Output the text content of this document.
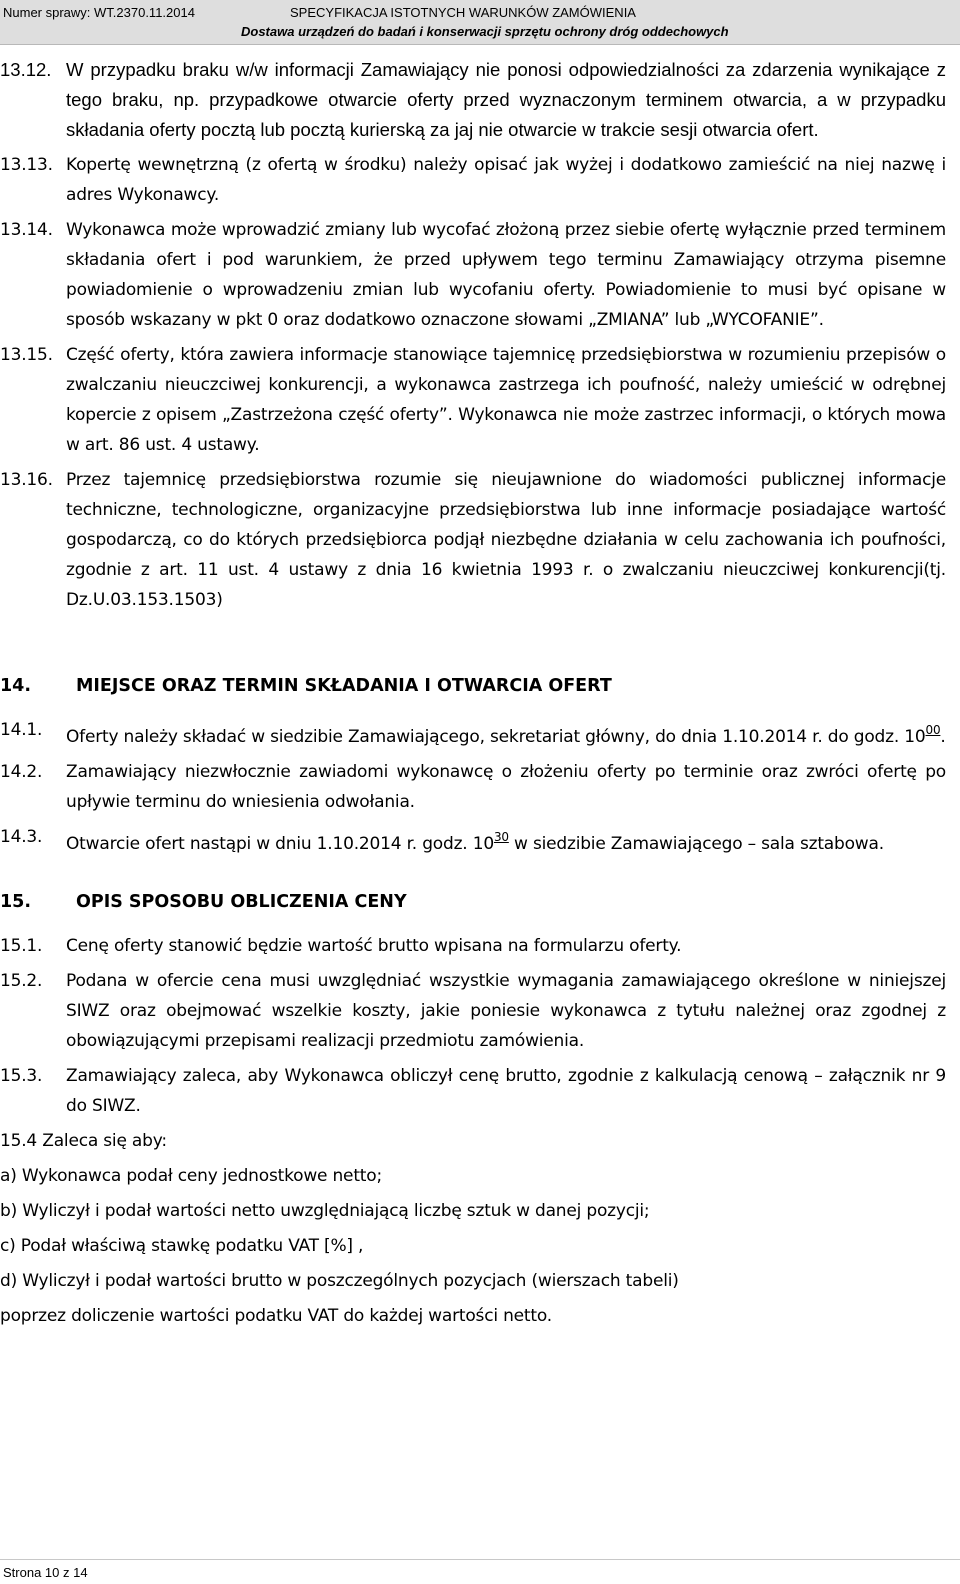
Numer sprawy: WT.2370.11.2014	SPECYFIKACJA ISTOTNYCH WARUNKÓW ZAMÓWIENIA
Dostawa urządzeń do badań i konserwacji sprzętu ochrony dróg oddechowych
13.12. W przypadku braku w/w informacji Zamawiający nie ponosi odpowiedzialności za zdarzenia wynikające z tego braku, np. przypadkowe otwarcie oferty przed wyznaczonym terminem otwarcia, a w przypadku składania oferty pocztą lub pocztą kurierską za jaj nie otwarcie w trakcie sesji otwarcia ofert.
13.13. Kopertę wewnętrzną (z ofertą w środku) należy opisać jak wyżej i dodatkowo zamieścić na niej nazwę i adres Wykonawcy.
13.14. Wykonawca może wprowadzić zmiany lub wycofać złożoną przez siebie ofertę wyłącznie przed terminem składania ofert i pod warunkiem, że przed upływem tego terminu Zamawiający otrzyma pisemne powiadomienie o wprowadzeniu zmian lub wycofaniu oferty. Powiadomienie to musi być opisane w sposób wskazany w pkt 0 oraz dodatkowo oznaczone słowami „ZMIANA” lub „WYCOFANIE”.
13.15. Część oferty, która zawiera informacje stanowiące tajemnicę przedsiębiorstwa w rozumieniu przepisów o zwalczaniu nieuczciwej konkurencji, a wykonawca zastrzega ich poufność, należy umieścić w odrębnej kopercie z opisem „Zastrzeżona część oferty”. Wykonawca nie może zastrzec informacji, o których mowa w art. 86 ust. 4 ustawy.
13.16. Przez tajemnicę przedsiębiorstwa rozumie się nieujawnione do wiadomości publicznej informacje techniczne, technologiczne, organizacyjne przedsiębiorstwa lub inne informacje posiadające wartość gospodarczą, co do których przedsiębiorca podjął niezbędne działania w celu zachowania ich poufności, zgodnie z art. 11 ust. 4 ustawy z dnia 16 kwietnia 1993 r. o zwalczaniu nieuczciwej konkurencji(tj. Dz.U.03.153.1503)
14.	MIEJSCE ORAZ TERMIN SKŁADANIA I OTWARCIA OFERT
14.1.	Oferty należy składać w siedzibie Zamawiającego, sekretariat główny, do dnia 1.10.2014 r. do godz. $10^{00}$.
14.2.	Zamawiający niezwłocznie zawiadomi wykonawcę o złożeniu oferty po terminie oraz zwróci ofertę po upływie terminu do wniesienia odwołania.
14.3.	Otwarcie ofert nastąpi w dniu 1.10.2014 r. godz. $10^{30}$ w siedzibie Zamawiającego – sala sztabowa.
15.	OPIS SPOSOBU OBLICZENIA CENY
15.1.	Cenę oferty stanowić będzie wartość brutto wpisana na formularzu oferty.
15.2.	Podana w ofercie cena musi uwzględniać wszystkie wymagania zamawiającego określone w niniejszej SIWZ oraz obejmować wszelkie koszty, jakie poniesie wykonawca z tytułu należnej oraz zgodnej z obowiązującymi przepisami realizacji przedmiotu zamówienia.
15.3.	Zamawiający zaleca, aby Wykonawca obliczył cenę brutto, zgodnie z kalkulacją cenową – załącznik nr 9 do SIWZ.
15.4 Zaleca się aby:
a) Wykonawca podał ceny jednostkowe netto;
b) Wyliczył i podał wartości netto uwzględniającą liczbę sztuk w danej pozycji;
c) Podał właściwą stawkę podatku VAT [%] ,
d) Wyliczył i podał wartości brutto w poszczególnych pozycjach (wierszach tabeli)
poprzez doliczenie wartości podatku VAT do każdej wartości netto.
Strona 10 z 14
